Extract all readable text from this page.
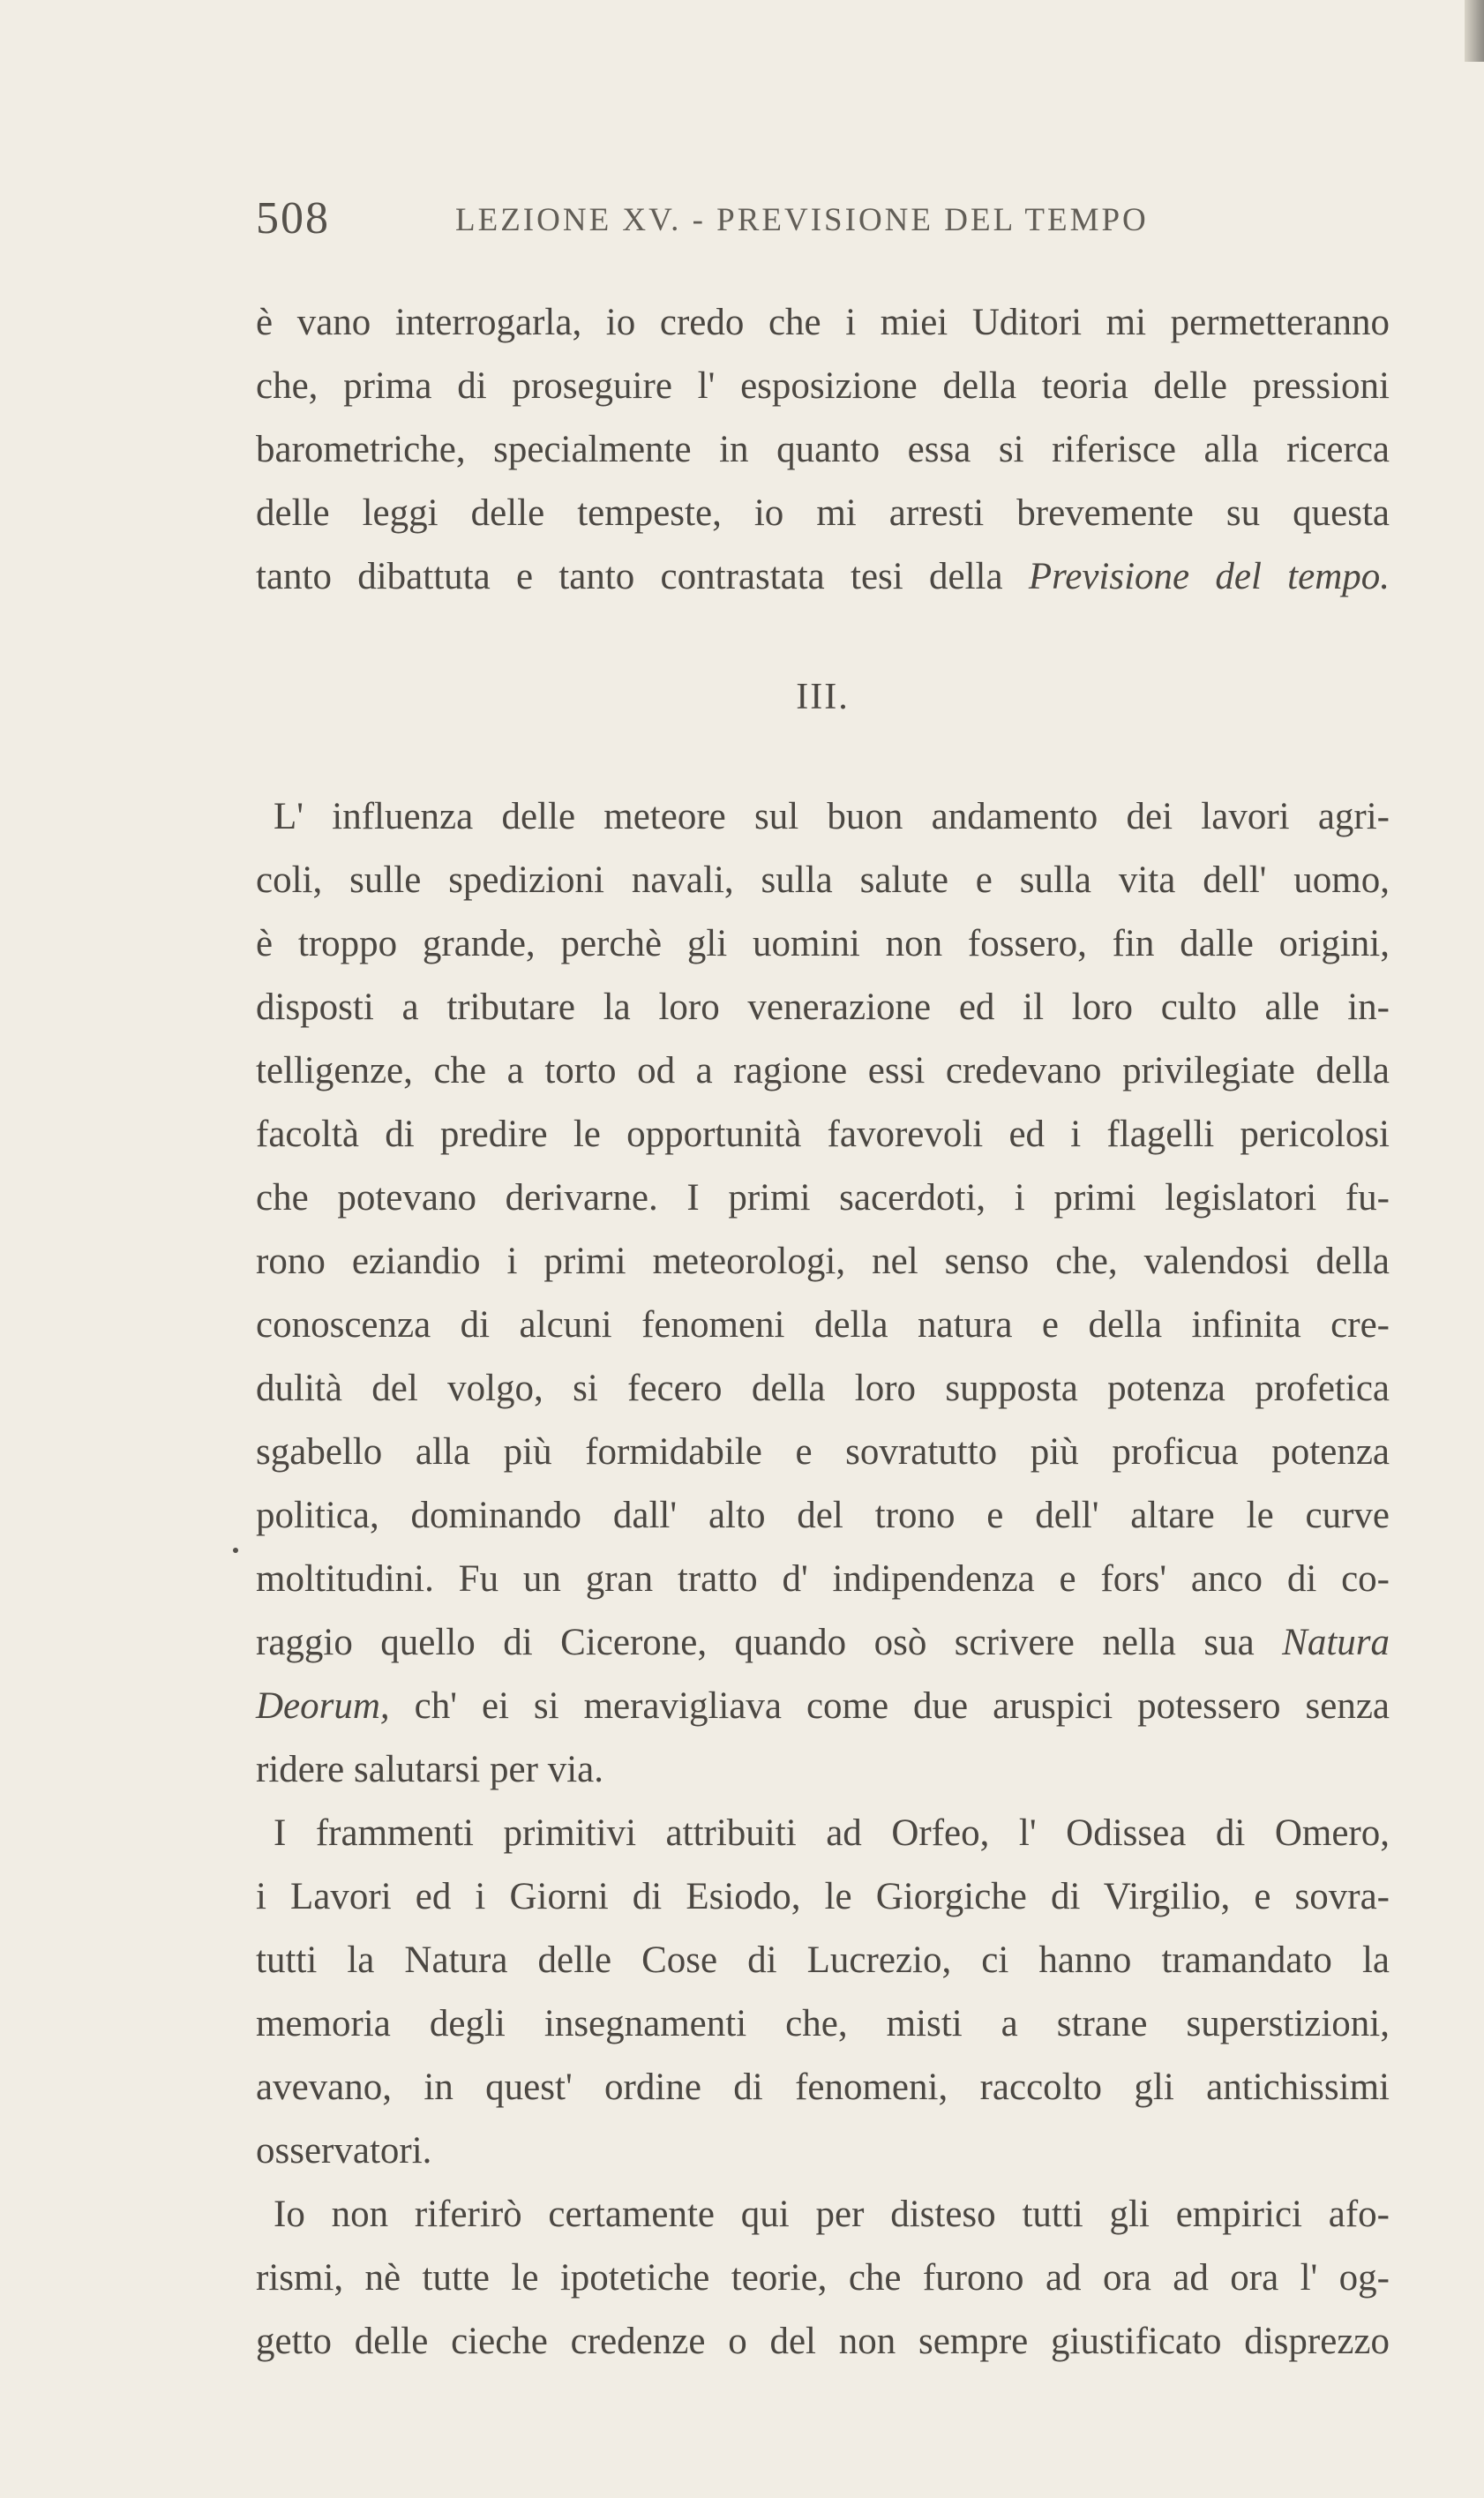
508	LEZIONE XV. - PREVISIONE DEL TEMPO
è vano interrogarla, io credo che i miei Uditori mi permetteranno
che, prima di proseguire l' esposizione della teoria delle pressioni
barometriche, specialmente in quanto essa si riferisce alla ricerca
delle leggi delle tempeste, io mi arresti brevemente su questa
tanto dibattuta e tanto contrastata tesi della Previsione del tempo.
III.
L' influenza delle meteore sul buon andamento dei lavori agri-
coli, sulle spedizioni navali, sulla salute e sulla vita dell' uomo,
è troppo grande, perchè gli uomini non fossero, fin dalle origini,
disposti a tributare la loro venerazione ed il loro culto alle in-
telligenze, che a torto od a ragione essi credevano privilegiate della
facoltà di predire le opportunità favorevoli ed i flagelli pericolosi
che potevano derivarne. I primi sacerdoti, i primi legislatori fu-
rono eziandio i primi meteorologi, nel senso che, valendosi della
conoscenza di alcuni fenomeni della natura e della infinita cre-
dulità del volgo, si fecero della loro supposta potenza profetica
sgabello alla più formidabile e sovratutto più proficua potenza
politica, dominando dall' alto del trono e dell' altare le curve
moltitudini. Fu un gran tratto d' indipendenza e fors' anco di co-
raggio quello di Cicerone, quando osò scrivere nella sua Natura
Deorum, ch' ei si meravigliava come due aruspici potessero senza
ridere salutarsi per via.
I frammenti primitivi attribuiti ad Orfeo, l' Odissea di Omero,
i Lavori ed i Giorni di Esiodo, le Giorgiche di Virgilio, e sovra-
tutti la Natura delle Cose di Lucrezio, ci hanno tramandato la
memoria degli insegnamenti che, misti a strane superstizioni,
avevano, in quest' ordine di fenomeni, raccolto gli antichissimi
osservatori.
Io non riferirò certamente qui per disteso tutti gli empirici afo-
rismi, nè tutte le ipotetiche teorie, che furono ad ora ad ora l' og-
getto delle cieche credenze o del non sempre giustificato disprezzo
